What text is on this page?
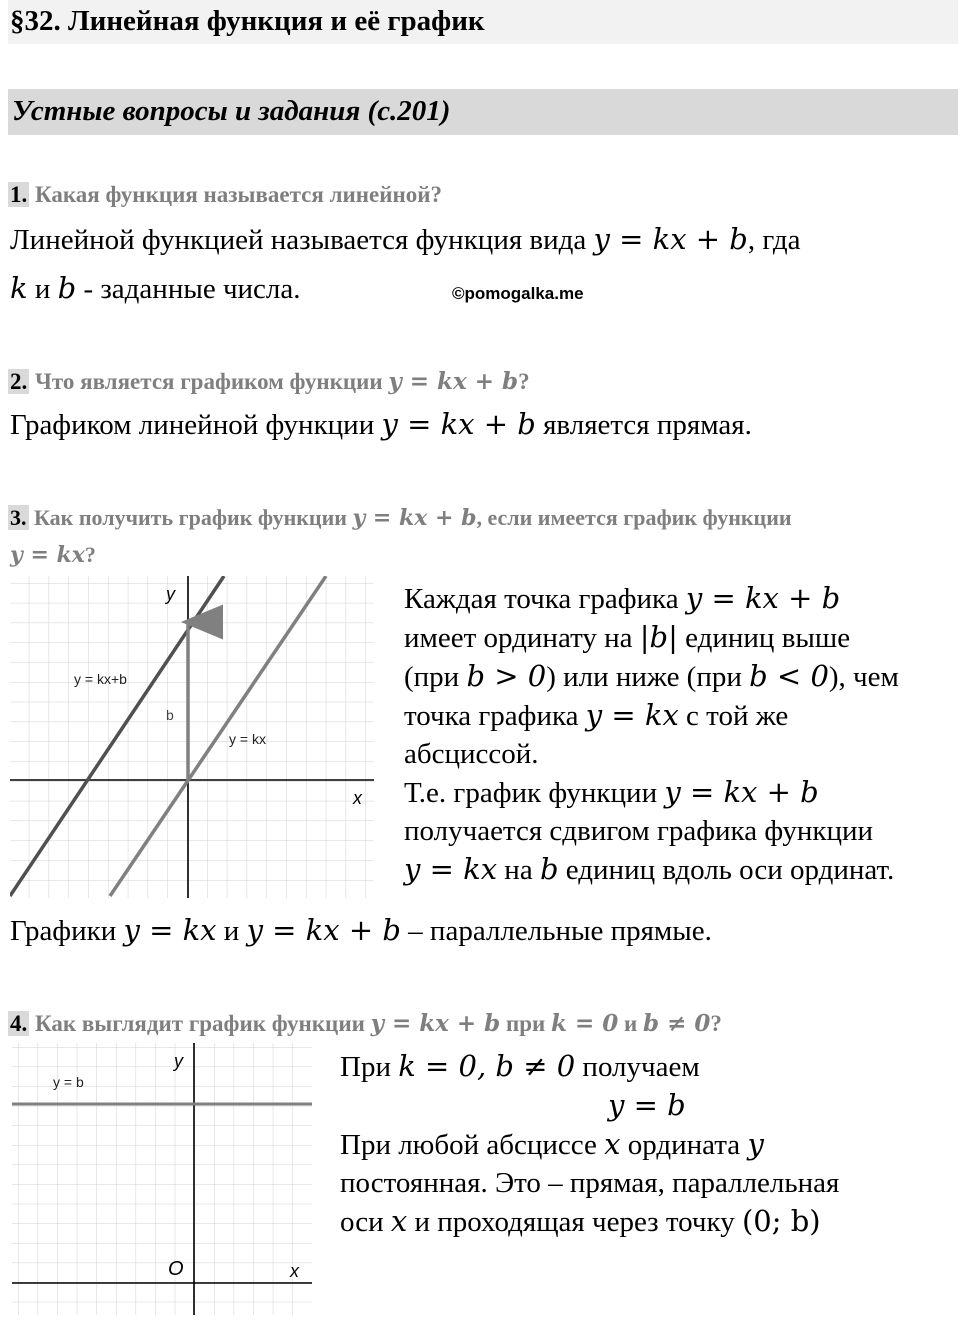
§32. Линейная функция и её график
Устные вопросы и задания (с.201)
1. Какая функция называется линейной?
Линейной функцией называется функция вида y = kx + b, гда
k и b - заданные числа.	©pomogalka.me
2. Что является графиком функции y = kx + b?
Графиком линейной функции y = kx + b является прямая.
3. Как получить график функции y = kx + b, если имеется график функции
y = kx?
y
x
y = kx+b
y = kx
b
Каждая точка графика y = kx + b
имеет ординату на |b| единиц выше
(при b > 0) или ниже (при b < 0), чем
точка графика y = kx с той же
абсциссой.
Т.е. график функции y = kx + b
получается сдвигом графика функции
y = kx на b единиц вдоль оси ординат.
Графики y = kx и y = kx + b – параллельные прямые.
4. Как выглядит график функции y = kx + b при k = 0 и b ≠ 0?
y
x
O
y = b	При k = 0, b ≠ 0 получаем
y = b
При любой абсциссе x ордината y
постоянная. Это – прямая, параллельная
оси x и проходящая через точку (0; b)
